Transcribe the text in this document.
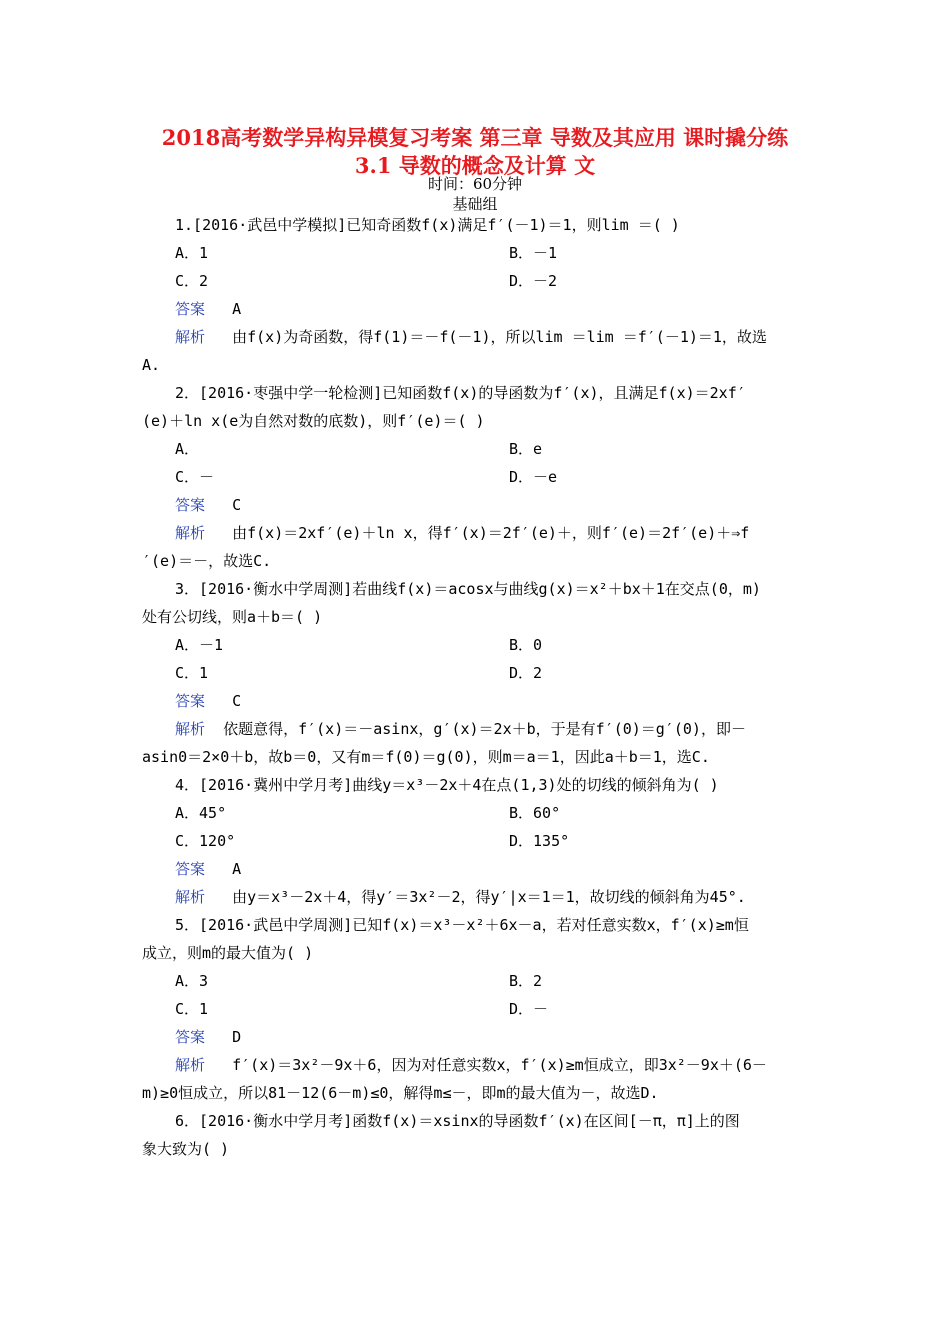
2018高考数学异构异模复习考案 第三章 导数及其应用 课时撬分练
3.1 导数的概念及计算 文
时间：60分钟
基础组
1.[2016·武邑中学模拟]已知奇函数f(x)满足f′(－1)＝1，则lim ＝( )
A．1	B．－1
C．2	D．－2
答案 A
解析 由f(x)为奇函数，得f(1)＝－f(－1)，所以lim ＝lim ＝f′(－1)＝1，故选
A.
2．[2016·枣强中学一轮检测]已知函数f(x)的导函数为f′(x)，且满足f(x)＝2xf′
(e)＋ln x(e为自然对数的底数)，则f′(e)＝( )
A．	B．e
C．－	D．－e
答案 C
解析 由f(x)＝2xf′(e)＋ln x，得f′(x)＝2f′(e)＋，则f′(e)＝2f′(e)＋⇒f
′(e)＝－，故选C.
3．[2016·衡水中学周测]若曲线f(x)＝acosx与曲线g(x)＝x²＋bx＋1在交点(0，m)
处有公切线，则a＋b＝( )
A．－1	B．0
C．1	D．2
答案 C
解析 依题意得，f′(x)＝－asinx，g′(x)＝2x＋b，于是有f′(0)＝g′(0)，即－
asin0＝2×0＋b，故b＝0，又有m＝f(0)＝g(0)，则m＝a＝1，因此a＋b＝1，选C.
4．[2016·冀州中学月考]曲线y＝x³－2x＋4在点(1,3)处的切线的倾斜角为( )
A．45°	B．60°
C．120°	D．135°
答案 A
解析 由y＝x³－2x＋4，得y′＝3x²－2，得y′|x＝1＝1，故切线的倾斜角为45°.
5．[2016·武邑中学周测]已知f(x)＝x³－x²＋6x－a，若对任意实数x，f′(x)≥m恒
成立，则m的最大值为( )
A．3	B．2
C．1	D．－
答案 D
解析 f′(x)＝3x²－9x＋6，因为对任意实数x，f′(x)≥m恒成立，即3x²－9x＋(6－
m)≥0恒成立，所以81－12(6－m)≤0，解得m≤－，即m的最大值为－，故选D.
6．[2016·衡水中学月考]函数f(x)＝xsinx的导函数f′(x)在区间[－π，π]上的图
象大致为( )
